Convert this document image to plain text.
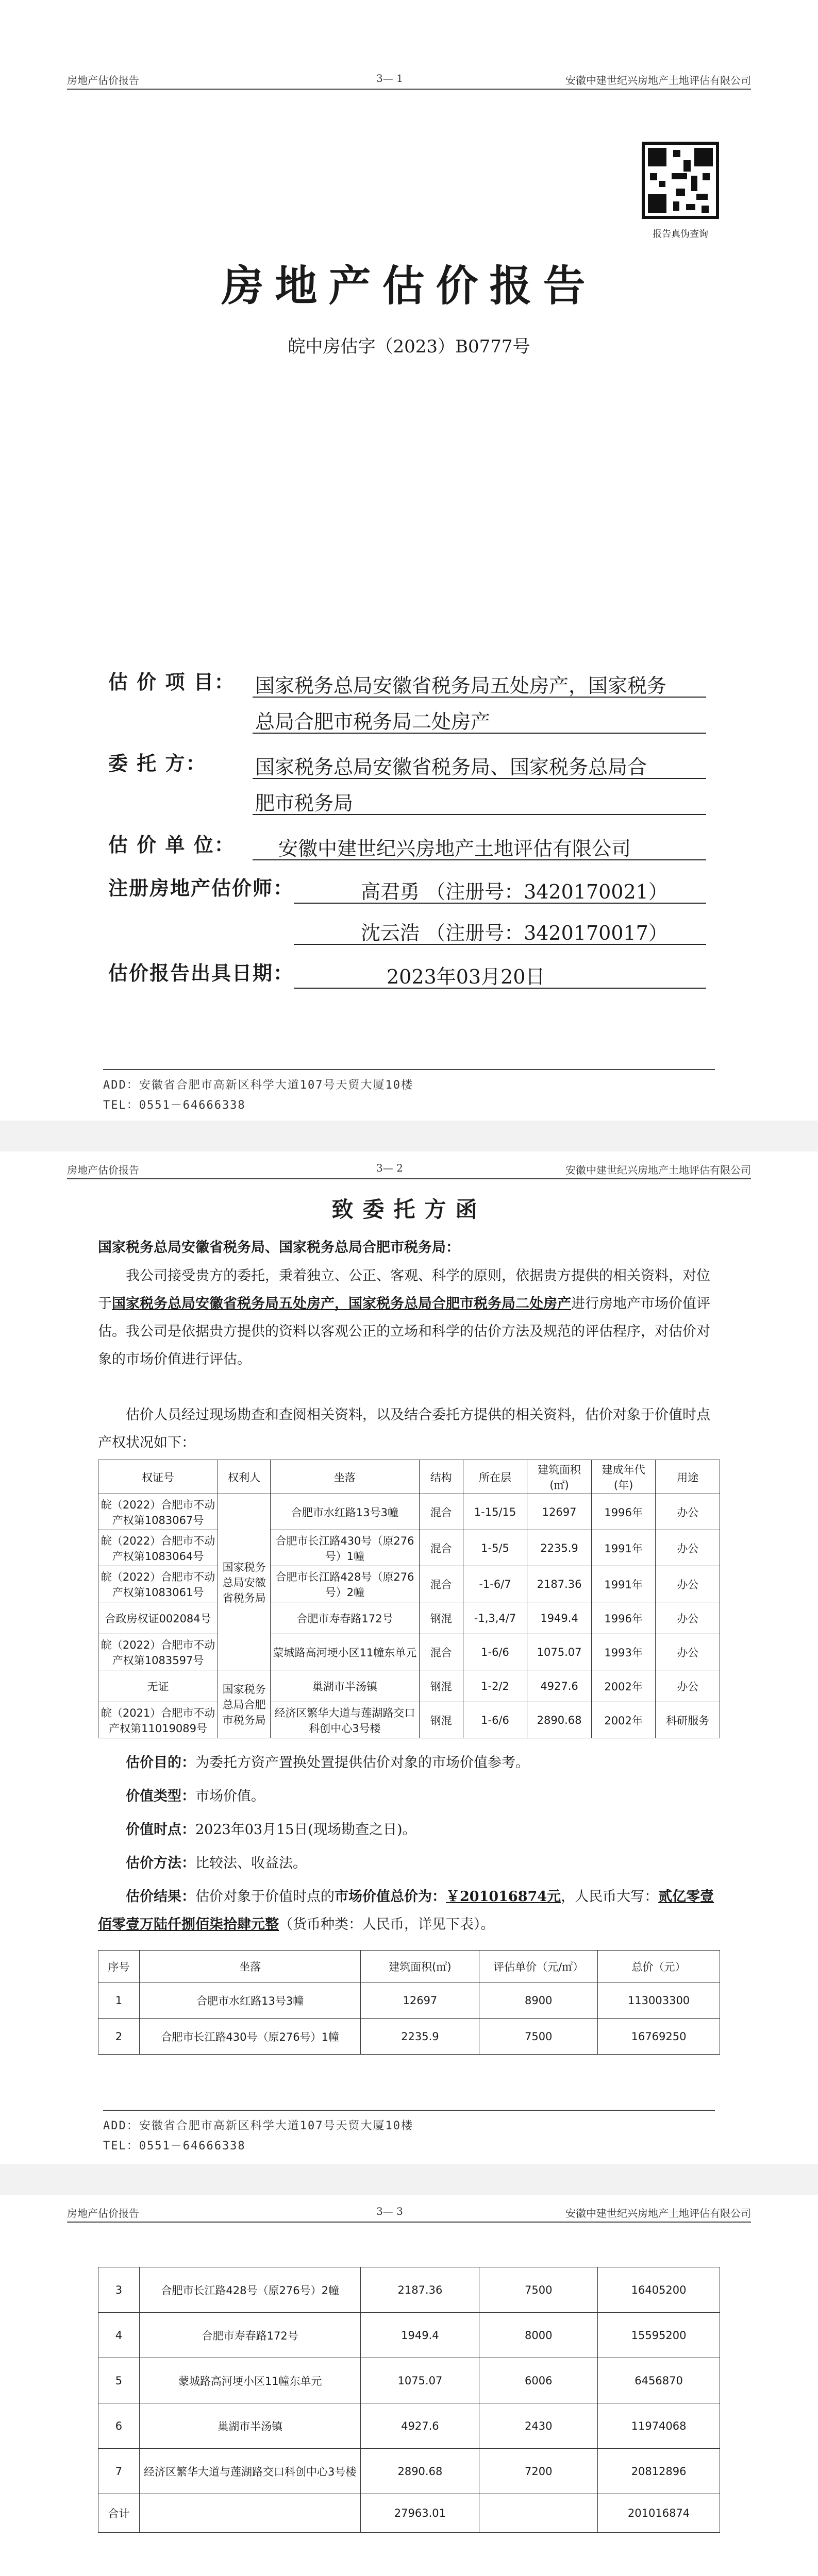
房地产估价报告	3— 1	安徽中建世纪兴房地产土地评估有限公司
报告真伪查询
房地产估价报告
皖中房估字（2023）B0777号
估 价 项 目： 国家税务总局安徽省税务局五处房产，国家税务
总局合肥市税务局二处房产
委 托 方： 国家税务总局安徽省税务局、国家税务总局合
肥市税务局
估 价 单 位： 安徽中建世纪兴房地产土地评估有限公司
注册房地产估价师：	高君勇 （注册号：3420170021）
沈云浩 （注册号：3420170017）
估价报告出具日期：	2023年03月20日
ADD：安徽省合肥市高新区科学大道107号天贸大厦10楼
TEL：0551－64666338
房地产估价报告	3— 2	安徽中建世纪兴房地产土地评估有限公司
致委托方函
国家税务总局安徽省税务局、国家税务总局合肥市税务局：
我公司接受贵方的委托，秉着独立、公正、客观、科学的原则，依据贵方提供的相关资料，对位于国家税务总局安徽省税务局五处房产，国家税务总局合肥市税务局二处房产进行房地产市场价值评估。我公司是依据贵方提供的资料以客观公正的立场和科学的估价方法及规范的评估程序，对估价对象的市场价值进行评估。
估价人员经过现场勘查和查阅相关资料，以及结合委托方提供的相关资料，估价对象于价值时点产权状况如下：
权证号	权利人	坐落	结构	所在层	建筑面积(㎡)	建成年代(年)	用途
皖（2022）合肥市不动产权第1083067号	国家税务总局安徽省税务局	合肥市水红路13号3幢	混合	1-15/15	12697	1996年	办公
皖（2022）合肥市不动产权第1083064号		合肥市长江路430号（原276号）1幢	混合	1-5/5	2235.9	1991年	办公
皖（2022）合肥市不动产权第1083061号		合肥市长江路428号（原276号）2幢	混合	-1-6/7	2187.36	1991年	办公
合政房权证002084号		合肥市寿春路172号	钢混	-1,3,4/7	1949.4	1996年	办公
皖（2022）合肥市不动产权第1083597号		蒙城路高河埂小区11幢东单元	混合	1-6/6	1075.07	1993年	办公
无证	国家税务总局合肥市税务局	巢湖市半汤镇	钢混	1-2/2	4927.6	2002年	办公
皖（2021）合肥市不动产权第11019089号		经济区繁华大道与莲湖路交口科创中心3号楼	钢混	1-6/6	2890.68	2002年	科研服务
估价目的：为委托方资产置换处置提供估价对象的市场价值参考。
价值类型：市场价值。
价值时点：2023年03月15日(现场勘查之日)。
估价方法：比较法、收益法。
估价结果：估价对象于价值时点的市场价值总价为：￥201016874元，人民币大写：贰亿零壹佰零壹万陆仟捌佰柒拾肆元整（货币种类：人民币，详见下表）。
序号	坐落	建筑面积(㎡)	评估单价（元/㎡）	总价（元）
1	合肥市水红路13号3幢	12697	8900	113003300
2	合肥市长江路430号（原276号）1幢	2235.9	7500	16769250
ADD：安徽省合肥市高新区科学大道107号天贸大厦10楼
TEL：0551－64666338
房地产估价报告	3— 3	安徽中建世纪兴房地产土地评估有限公司
3	合肥市长江路428号（原276号）2幢	2187.36	7500	16405200
4	合肥市寿春路172号	1949.4	8000	15595200
5	蒙城路高河埂小区11幢东单元	1075.07	6006	6456870
6	巢湖市半汤镇	4927.6	2430	11974068
7	经济区繁华大道与莲湖路交口科创中心3号楼	2890.68	7200	20812896
合计		27963.01		201016874
